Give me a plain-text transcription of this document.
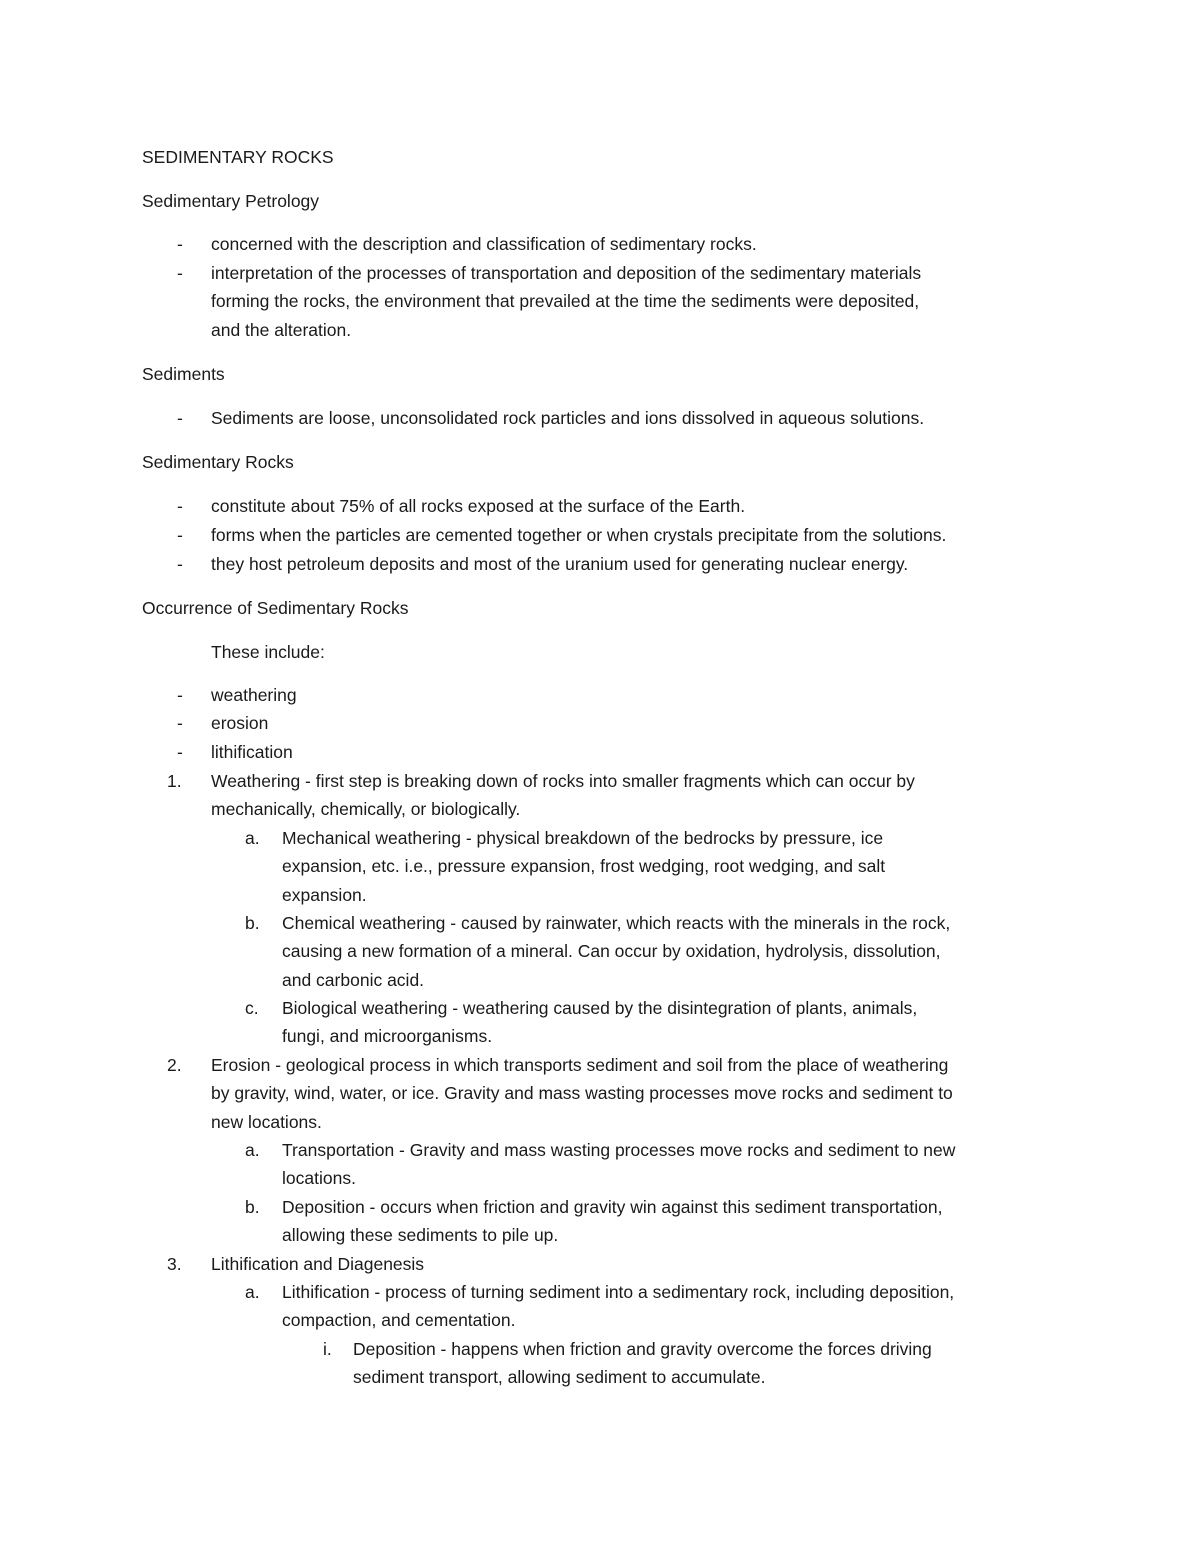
SEDIMENTARY ROCKS
Sedimentary Petrology
- concerned with the description and classification of sedimentary rocks.
- interpretation of the processes of transportation and deposition of the sedimentary materials
forming the rocks, the environment that prevailed at the time the sediments were deposited,
and the alteration.
Sediments
- Sediments are loose, unconsolidated rock particles and ions dissolved in aqueous solutions.
Sedimentary Rocks
- constitute about 75% of all rocks exposed at the surface of the Earth.
- forms when the particles are cemented together or when crystals precipitate from the solutions.
- they host petroleum deposits and most of the uranium used for generating nuclear energy.
Occurrence of Sedimentary Rocks
These include:
- weathering
- erosion
- lithification
1. Weathering - first step is breaking down of rocks into smaller fragments which can occur by
mechanically, chemically, or biologically.
a. Mechanical weathering - physical breakdown of the bedrocks by pressure, ice
expansion, etc. i.e., pressure expansion, frost wedging, root wedging, and salt
expansion.
b. Chemical weathering - caused by rainwater, which reacts with the minerals in the rock,
causing a new formation of a mineral. Can occur by oxidation, hydrolysis, dissolution,
and carbonic acid.
c. Biological weathering - weathering caused by the disintegration of plants, animals,
fungi, and microorganisms.
2. Erosion - geological process in which transports sediment and soil from the place of weathering
by gravity, wind, water, or ice. Gravity and mass wasting processes move rocks and sediment to
new locations.
a. Transportation - Gravity and mass wasting processes move rocks and sediment to new
locations.
b. Deposition - occurs when friction and gravity win against this sediment transportation,
allowing these sediments to pile up.
3. Lithification and Diagenesis
a. Lithification - process of turning sediment into a sedimentary rock, including deposition,
compaction, and cementation.
i. Deposition - happens when friction and gravity overcome the forces driving
sediment transport, allowing sediment to accumulate.
